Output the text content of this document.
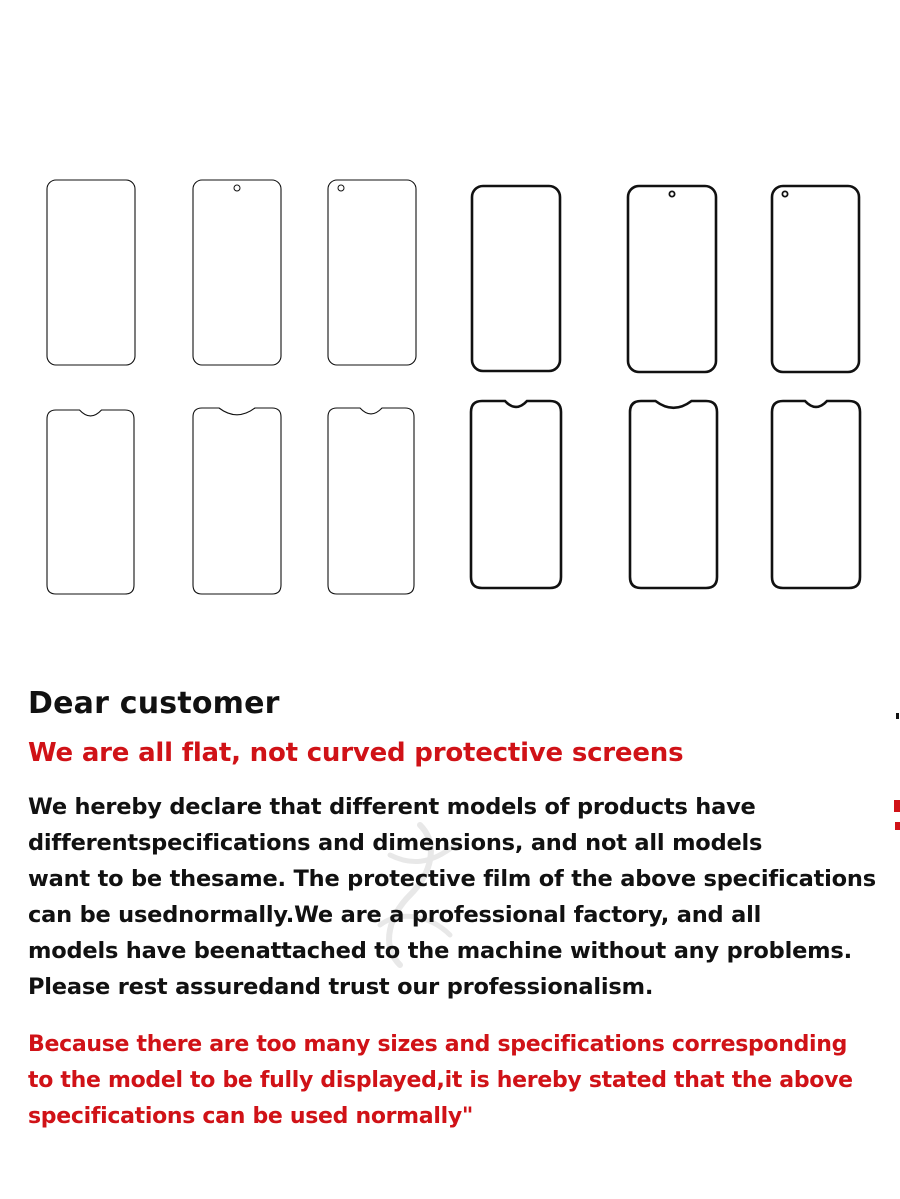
Dear customer
We are all flat, not curved protective screens

We hereby declare that different models of products have
differentspecifications and dimensions, and not all models
want to be thesame. The protective film of the above specifications
can be usednormally.We are a professional factory, and all
models have beenattached to the machine without any problems.
Please rest assuredand trust our professionalism.

Because there are too many sizes and specifications corresponding
to the model to be fully displayed,it is hereby stated that the above
specifications can be used normally"
